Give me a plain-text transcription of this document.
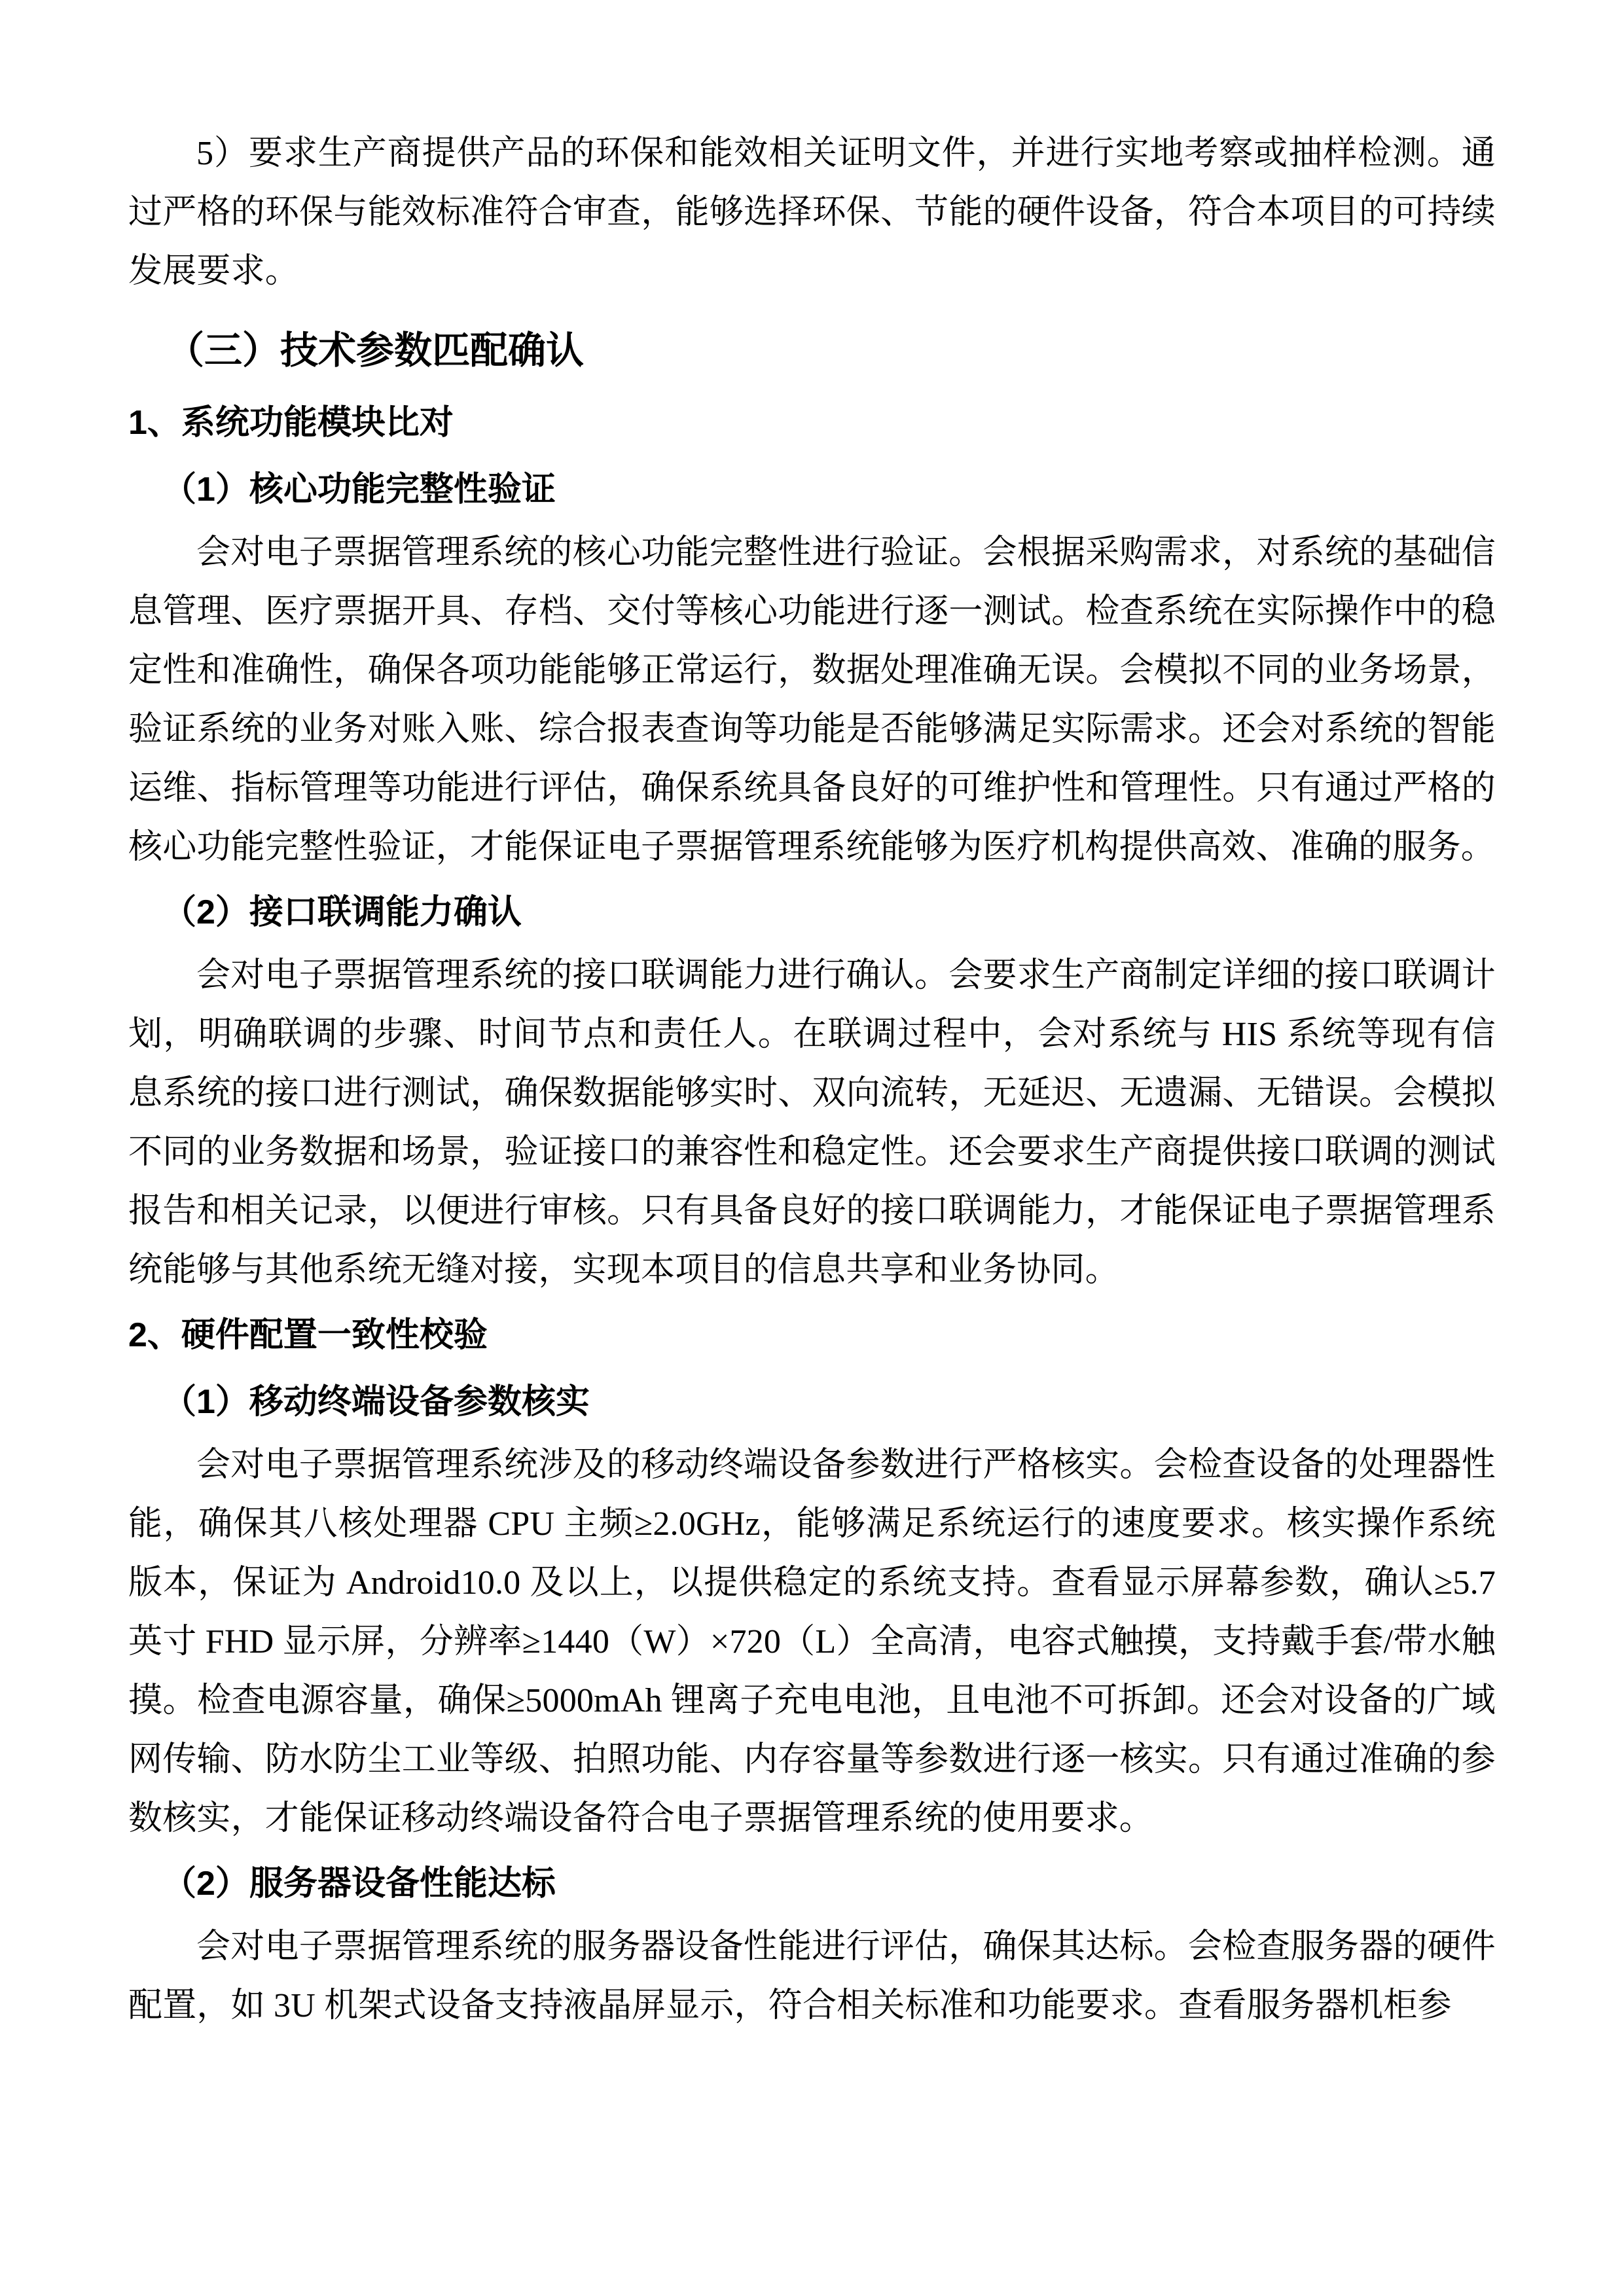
5）要求生产商提供产品的环保和能效相关证明文件，并进行实地考察或抽样检测。通过严格的环保与能效标准符合审查，能够选择环保、节能的硬件设备，符合本项目的可持续发展要求。

（三）技术参数匹配确认
1、系统功能模块比对
（1）核心功能完整性验证

会对电子票据管理系统的核心功能完整性进行验证。会根据采购需求，对系统的基础信息管理、医疗票据开具、存档、交付等核心功能进行逐一测试。检查系统在实际操作中的稳定性和准确性，确保各项功能能够正常运行，数据处理准确无误。会模拟不同的业务场景，验证系统的业务对账入账、综合报表查询等功能是否能够满足实际需求。还会对系统的智能运维、指标管理等功能进行评估，确保系统具备良好的可维护性和管理性。只有通过严格的核心功能完整性验证，才能保证电子票据管理系统能够为医疗机构提供高效、准确的服务。

（2）接口联调能力确认

会对电子票据管理系统的接口联调能力进行确认。会要求生产商制定详细的接口联调计划，明确联调的步骤、时间节点和责任人。在联调过程中，会对系统与 HIS 系统等现有信息系统的接口进行测试，确保数据能够实时、双向流转，无延迟、无遗漏、无错误。会模拟不同的业务数据和场景，验证接口的兼容性和稳定性。还会要求生产商提供接口联调的测试报告和相关记录，以便进行审核。只有具备良好的接口联调能力，才能保证电子票据管理系统能够与其他系统无缝对接，实现本项目的信息共享和业务协同。

2、硬件配置一致性校验
（1）移动终端设备参数核实

会对电子票据管理系统涉及的移动终端设备参数进行严格核实。会检查设备的处理器性能，确保其八核处理器 CPU 主频≥2.0GHz，能够满足系统运行的速度要求。核实操作系统版本，保证为 Android10.0 及以上，以提供稳定的系统支持。查看显示屏幕参数，确认≥5.7 英寸 FHD 显示屏，分辨率≥1440（W）×720（L）全高清，电容式触摸，支持戴手套/带水触摸。检查电源容量，确保≥5000mAh 锂离子充电电池，且电池不可拆卸。还会对设备的广域网传输、防水防尘工业等级、拍照功能、内存容量等参数进行逐一核实。只有通过准确的参数核实，才能保证移动终端设备符合电子票据管理系统的使用要求。

（2）服务器设备性能达标

会对电子票据管理系统的服务器设备性能进行评估，确保其达标。会检查服务器的硬件配置，如 3U 机架式设备支持液晶屏显示，符合相关标准和功能要求。查看服务器机柜参
